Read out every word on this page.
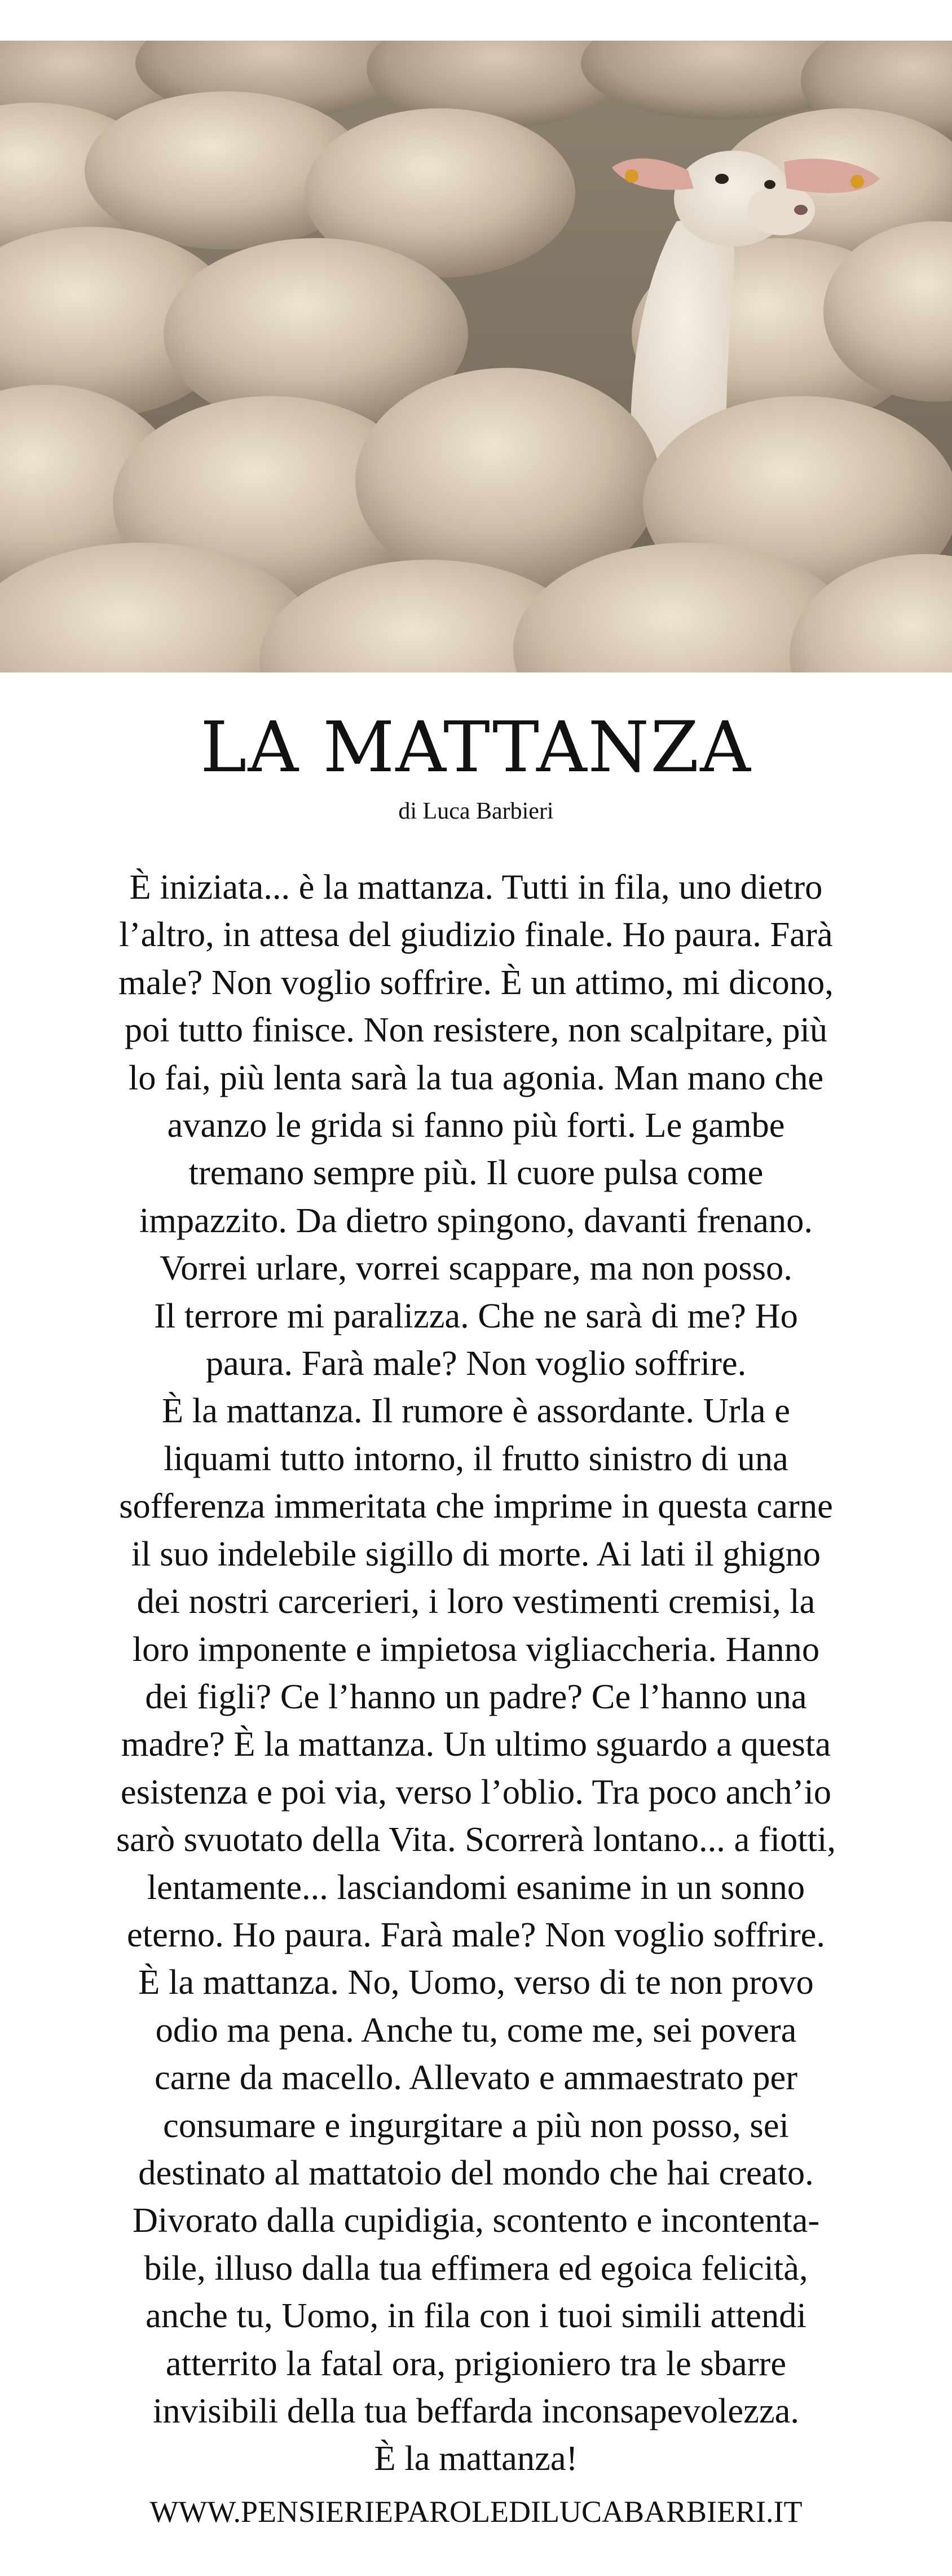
LA MATTANZA
di Luca Barbieri
È iniziata... è la mattanza. Tutti in fila, uno dietro
l’altro, in attesa del giudizio finale. Ho paura. Farà
male? Non voglio soffrire. È un attimo, mi dicono,
poi tutto finisce. Non resistere, non scalpitare, più
lo fai, più lenta sarà la tua agonia. Man mano che
avanzo le grida si fanno più forti. Le gambe
tremano sempre più. Il cuore pulsa come
impazzito. Da dietro spingono, davanti frenano.
Vorrei urlare, vorrei scappare, ma non posso.
Il terrore mi paralizza. Che ne sarà di me? Ho
paura. Farà male? Non voglio soffrire.
È la mattanza. Il rumore è assordante. Urla e
liquami tutto intorno, il frutto sinistro di una
sofferenza immeritata che imprime in questa carne
il suo indelebile sigillo di morte. Ai lati il ghigno
dei nostri carcerieri, i loro vestimenti cremisi, la
loro imponente e impietosa vigliaccheria. Hanno
dei figli? Ce l’hanno un padre? Ce l’hanno una
madre? È la mattanza. Un ultimo sguardo a questa
esistenza e poi via, verso l’oblio. Tra poco anch’io
sarò svuotato della Vita. Scorrerà lontano... a fiotti,
lentamente... lasciandomi esanime in un sonno
eterno. Ho paura. Farà male? Non voglio soffrire.
È la mattanza. No, Uomo, verso di te non provo
odio ma pena. Anche tu, come me, sei povera
carne da macello. Allevato e ammaestrato per
consumare e ingurgitare a più non posso, sei
destinato al mattatoio del mondo che hai creato.
Divorato dalla cupidigia, scontento e incontenta-
bile, illuso dalla tua effimera ed egoica felicità,
anche tu, Uomo, in fila con i tuoi simili attendi
atterrito la fatal ora, prigioniero tra le sbarre
invisibili della tua beffarda inconsapevolezza.
È la mattanza!
WWW.PENSIERIEPAROLEDILUCABARBIERI.IT
